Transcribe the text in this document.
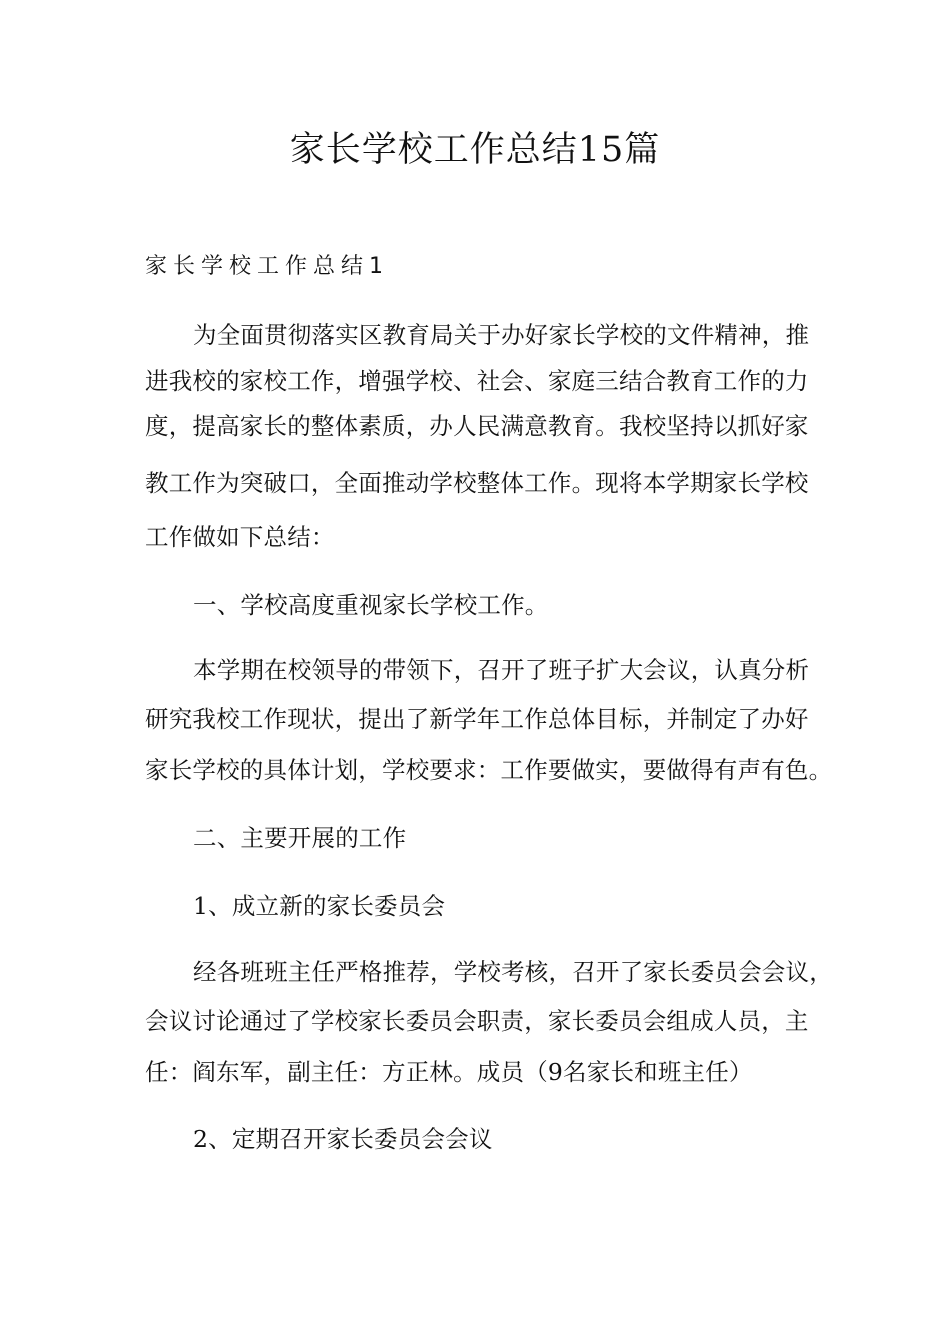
家长学校工作总结15篇
家长学校工作总结1
为全面贯彻落实区教育局关于办好家长学校的文件精神，推
进我校的家校工作，增强学校、社会、家庭三结合教育工作的力
度，提高家长的整体素质，办人民满意教育。我校坚持以抓好家
教工作为突破口，全面推动学校整体工作。现将本学期家长学校
工作做如下总结：
一、学校高度重视家长学校工作。
本学期在校领导的带领下，召开了班子扩大会议，认真分析
研究我校工作现状，提出了新学年工作总体目标，并制定了办好
家长学校的具体计划，学校要求：工作要做实，要做得有声有色。
二、主要开展的工作
1、成立新的家长委员会
经各班班主任严格推荐，学校考核，召开了家长委员会会议，
会议讨论通过了学校家长委员会职责，家长委员会组成人员，主
任：阎东军，副主任：方正林。成员（9名家长和班主任）
2、定期召开家长委员会会议
